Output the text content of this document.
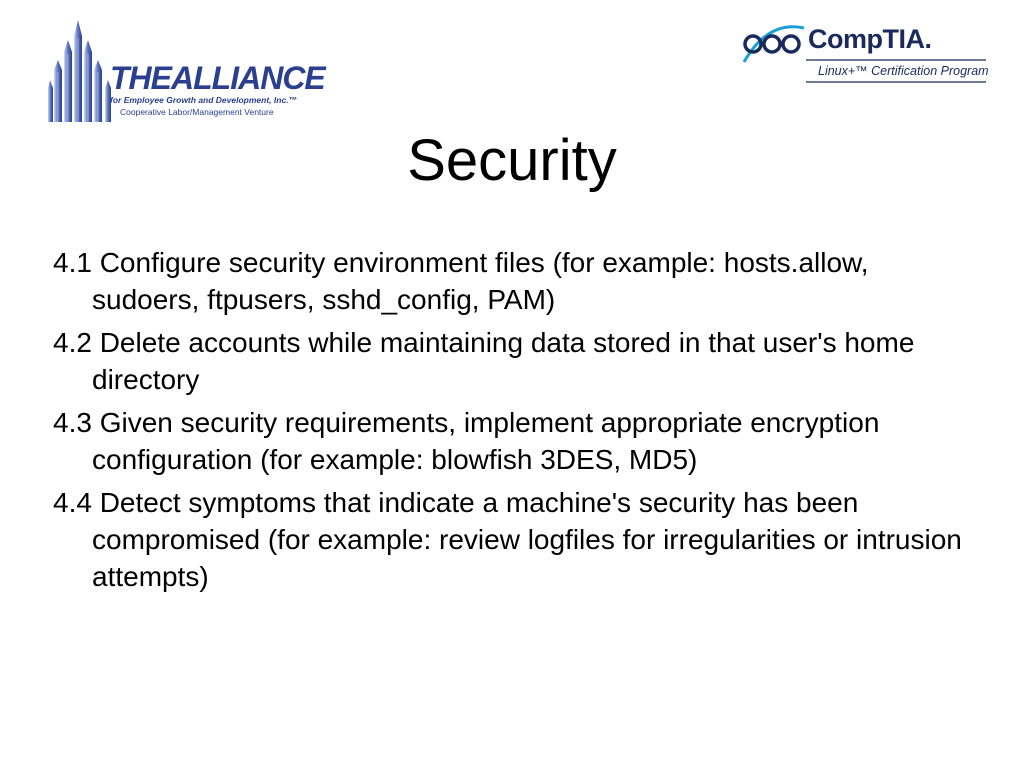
THEALLIANCE
for Employee Growth and Development, Inc.™
Cooperative Labor/Management Venture
CompTIA.
Linux+™ Certification Program
Security
4.1 Configure security environment files (for example: hosts.allow, sudoers, ftpusers, sshd_config, PAM)
4.2 Delete accounts while maintaining data stored in that user's home directory
4.3 Given security requirements, implement appropriate encryption configuration (for example: blowfish 3DES, MD5)
4.4 Detect symptoms that indicate a machine's security has been compromised (for example: review logfiles for irregularities or intrusion attempts)
